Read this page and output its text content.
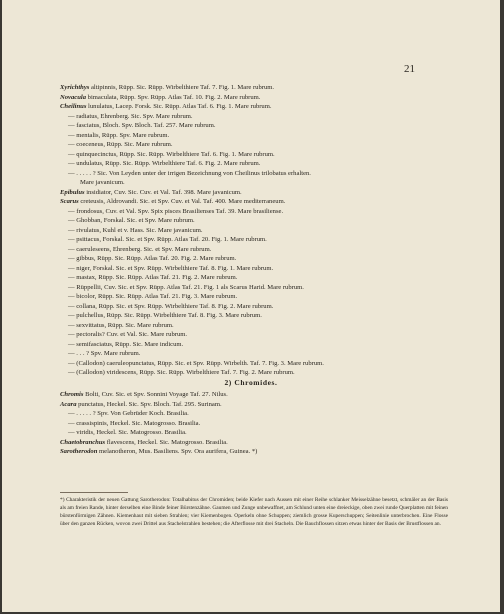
21
Xyrichthys altipinnis, Rüpp. Sic. Rüpp. Wirbelthiere Taf. 7. Fig. 1. Mare rubrum.
Novacula bimaculata, Rüpp. Spv. Rüpp. Atlas Taf. 10. Fig. 2. Mare rubrum.
Cheilinus lunulatus, Lacep. Forsk. Sic. Rüpp. Atlas Taf. 6. Fig. 1. Mare rubrum.
— radiatus, Ehrenberg. Sic. Spv. Mare rubrum.
— fasciatus, Bloch. Spv. Bloch. Taf. 257. Mare rubrum.
— mentalis, Rüpp. Spv. Mare rubrum.
— coeceneus, Rüpp. Sic. Mare rubrum.
— quinquecinctus, Rüpp. Sic. Rüpp. Wirbelthiere Taf. 6. Fig. 1. Mare rubrum.
— undulatus, Rüpp. Sic. Rüpp. Wirbelthiere Taf. 6. Fig. 2. Mare rubrum.
— . . . . . ? Sic. Von Leyden unter der irrigen Bezeichnung von Cheilinus trilobatus erhalten.
Mare javanicum.
Epibulus insidiator, Cuv. Sic. Cuv. et Val. Taf. 398. Mare javanicum.
Scarus creteusis, Aldrovandi. Sic. et Spv. Cuv. et Val. Taf. 400. Mare mediterraneum.
— frondosus, Cuv. et Val. Spv. Spix pisces Brasilienses Taf. 39. Mare brasiliense.
— Ghobban, Forskal. Sic. et Spv. Mare rubrum.
— rivulatus, Kuhl et v. Hass. Sic. Mare javanicum.
— psittacus, Forskal. Sic. et Spv. Rüpp. Atlas Taf. 20. Fig. 1. Mare rubrum.
— caeruleseens, Ehrenberg. Sic. et Spv. Mare rubrum.
— gibbus, Rüpp. Sic. Rüpp. Atlas Taf. 20. Fig. 2. Mare rubrum.
— niger, Forskal. Sic. et Spv. Rüpp. Wirbelthiere Taf. 8. Fig. 1. Mare rubrum.
— mastax, Rüpp. Sic. Rüpp. Atlas Taf. 21. Fig. 2. Mare rubrum.
— Rüppellii, Cuv. Sic. et Spv. Rüpp. Atlas Taf. 21. Fig. 1 als Scarus Harid. Mare rubrum.
— bicolor, Rüpp. Sic. Rüpp. Atlas Taf. 21. Fig. 3. Mare rubrum.
— collana, Rüpp. Sic. et Spv. Rüpp. Wirbelthiere Taf. 8. Fig. 2. Mare rubrum.
— pulchellus, Rüpp. Sic. Rüpp. Wirbelthiere Taf. 8. Fig. 3. Mare rubrum.
— sexvittatus, Rüpp. Sic. Mare rubrum.
— pectoralis? Cuv. et Val. Sic. Mare rubrum.
— semifasciatus, Rüpp. Sic. Mare indicum.
— . . . ? Spv. Mare rubrum.
— (Callodon) caeruleopunctatus, Rüpp. Sic. et Spv. Rüpp. Wirbelth. Taf. 7. Fig. 3. Mare rubrum.
— (Callodon) viridescens, Rüpp. Sic. Rüpp. Wirbelthiere Taf. 7. Fig. 2. Mare rubrum.
2) Chromides.
Chromis Bolti, Cuv. Sic. et Spv. Sonnini Voyage Taf. 27. Nilus.
Acara punctatus, Heckel. Sic. Spv. Bloch. Taf. 295. Surinam.
— . . . . . ? Spv. Von Gebrüder Koch. Brasilia.
— crassispinis, Heckel. Sic. Matogrosso. Brasilia.
— viridis, Heckel. Sic. Matogrosso. Brasilia.
Chaetobranchus flavescens, Heckel. Sic. Matogrosso. Brasilia.
Sarotherodon melanotheron, Mus. Basiliens. Spv. Ora aurifera, Guinea. *)
*) Charakteristik der neuen Gattung Sarotherodon: Totalhabitus der Chromiden; beide Kiefer nach Aussen mit einer Reihe schlanker Meisselzähne besetzt, schmäler an der Basis als am freien Rande, hinter derselben eine Binde feiner Bürstenzähne. Gaumen und Zunge unbewaffnet, am Schlund unten eine dreieckige, oben zwei runde Querplatten mit feinen bürstenförmigen Zähnen. Kiemenhaut mit sieben Strahlen; vier Kiemenbogen. Operkeln ohne Schuppen; ziemlich grosse Kuperschuppen; Seitenlinie unterbrochen. Eine Flosse über den ganzen Rücken, wovon zwei Drittel aus Stachelstrahlen bestehen; die Afterflosse mit drei Stacheln. Die Bauchflossen sitzen etwas hinter der Basis der Brustflossen an.
